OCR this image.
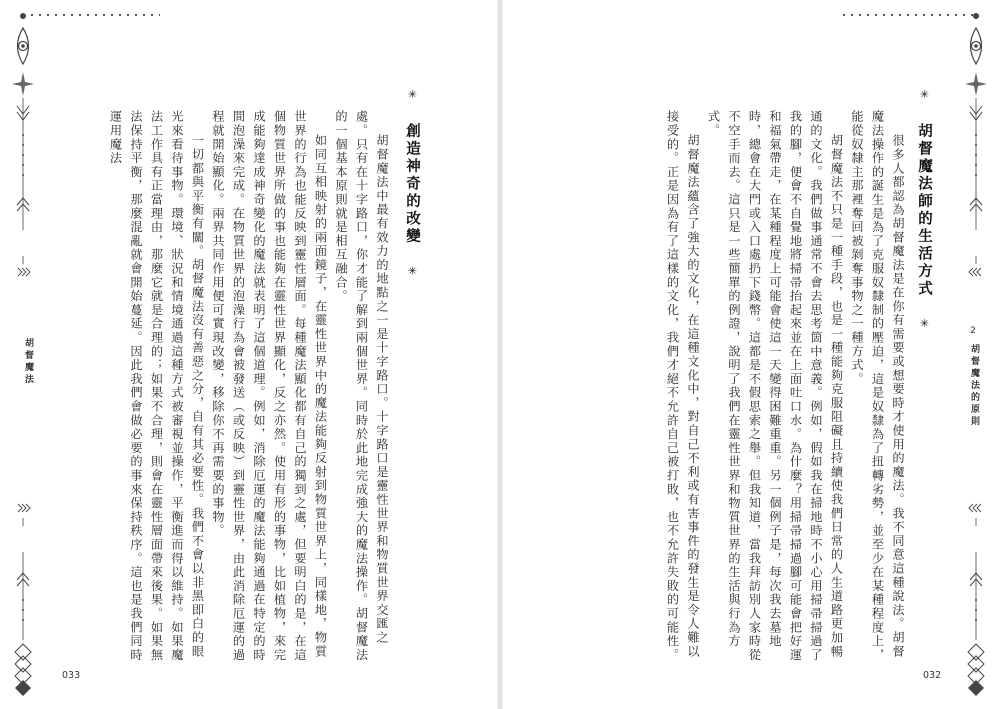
胡督魔法
033
✳ 創造神奇的改變 ✳

胡督魔法中最有效力的地點之一是十字路口。十字路口是靈性世界和物質世界交匯之處。只有在十字路口，你才能了解到兩個世界。同時於此地完成強大的魔法操作。胡督魔法的一個基本原則就是相互融合。

如同互相映射的兩面鏡子，在靈性世界中的魔法能夠反射到物質世界上，同樣地，物質世界的行為也能反映到靈性層面。每種魔法顯化都有自己的獨到之處，但要明白的是，在這個物質世界所做的事也能夠在靈性世界顯化，反之亦然。使用有形的事物，比如植物，來完成能夠達成神奇變化的魔法就表明了這個道理。例如，消除厄運的魔法能夠通過在特定的時間泡澡來完成。在物質世界的泡澡行為會被發送（或反映）到靈性世界，由此消除厄運的過程就開始顯化。兩界共同作用便可實現改變，移除你不再需要的事物。

一切都與平衡有關。胡督魔法沒有善惡之分，自有其必要性。我們不會以非黑即白的眼光來看待事物。環境、狀況和情境通過這種方式被審視並操作，平衡進而得以維持。如果魔法工作具有正當理由，那麼它就是合理的；如果不合理，則會在靈性層面帶來後果。如果無法保持平衡，那麼混亂就會開始蔓延。因此我們會做必要的事來保持秩序。這也是我們同時運用魔法

2
胡督魔法的原則
032
✳ 胡督魔法師的生活方式 ✳

很多人都認為胡督魔法是在你有需要或想要時才使用的魔法。我不同意這種說法。胡督魔法操作的誕生是為了克服奴隸制的壓迫，這是奴隸為了扭轉劣勢，並至少在某種程度上，能從奴隸主那裡奪回被剝奪事物之一種方式。

胡督魔法不只是一種手段，也是一種能夠克服阻礙且持續使我們日常的人生道路更加暢通的文化。我們做事通常不會去思考箇中意義。例如，假如我在掃地時不小心用掃帚掃過了我的腳，便會不自覺地將掃帚抬起來並在上面吐口水。為什麼？用掃帚掃過腳可能會把好運和福氣帶走，在某種程度上可能會使這一天變得困難重重。另一個例子是，每次我去墓地時，總會在大門或入口處扔下錢幣。這都是不假思索之舉。但我知道，當我拜訪別人家時從不空手而去。這只是一些簡單的例證，說明了我們在靈性世界和物質世界的生活與行為方式。

胡督魔法蘊含了強大的文化，在這種文化中，對自己不利或有害事件的發生是令人難以接受的。正是因為有了這樣的文化，我們才絕不允許自己被打敗，也不允許失敗的可能性。
